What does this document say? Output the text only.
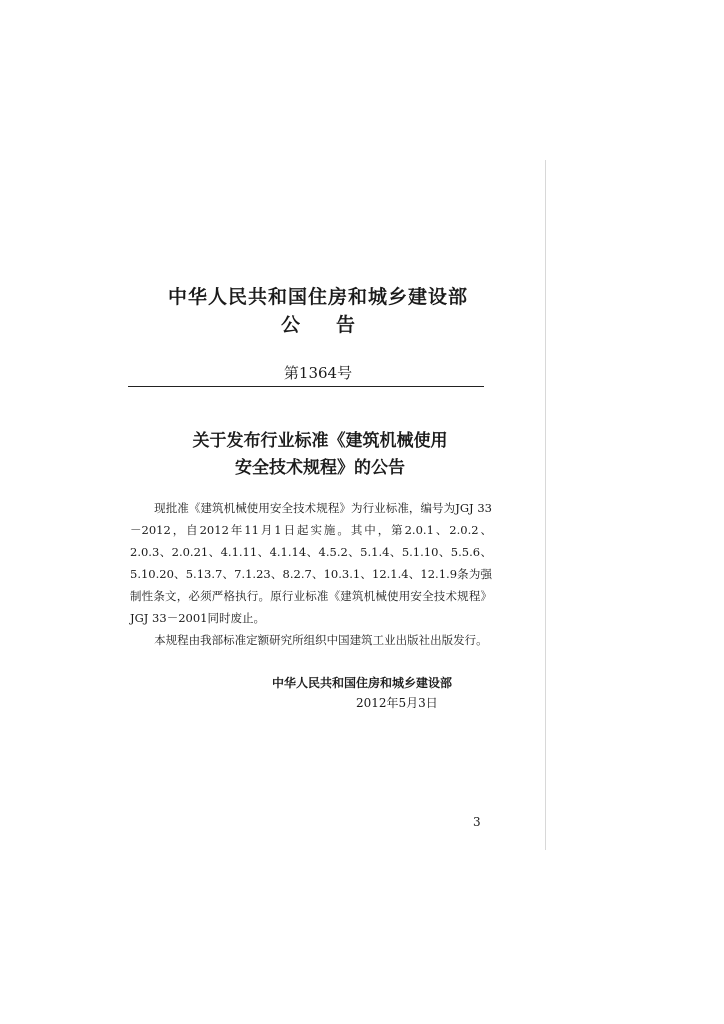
中华人民共和国住房和城乡建设部
公告

第1364号

关于发布行业标准《建筑机械使用
安全技术规程》的公告

现批准《建筑机械使用安全技术规程》为行业标准，编号为JGJ 33－2012，自2012年11月1日起实施。其中，第2.0.1、2.0.2、2.0.3、2.0.21、4.1.11、4.1.14、4.5.2、5.1.4、5.1.10、5.5.6、5.10.20、5.13.7、7.1.23、8.2.7、10.3.1、12.1.4、12.1.9条为强制性条文，必须严格执行。原行业标准《建筑机械使用安全技术规程》JGJ 33－2001同时废止。

本规程由我部标准定额研究所组织中国建筑工业出版社出版发行。

中华人民共和国住房和城乡建设部

2012年5月3日

3
